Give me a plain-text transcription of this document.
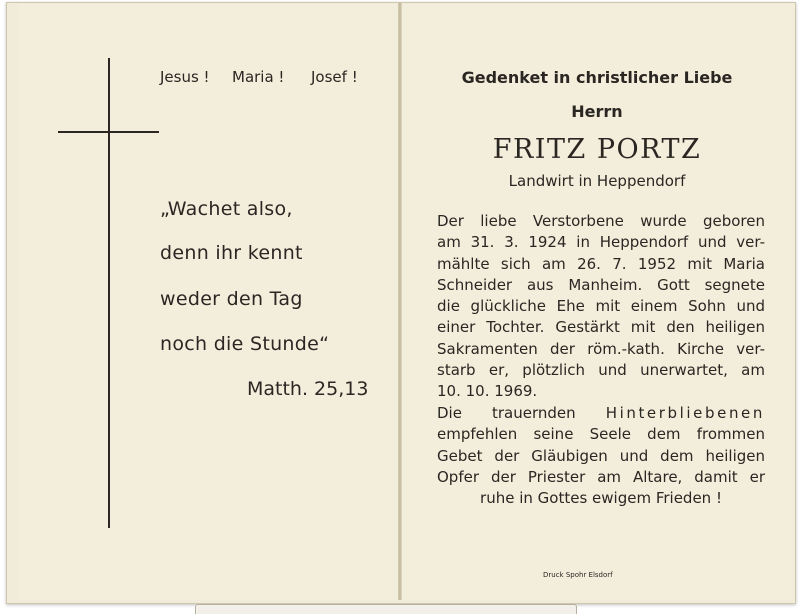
Jesus ! Maria ! Josef !
„Wachet also,
denn ihr kennt
weder den Tag
noch die Stunde“
Matth. 25,13
Gedenket in christlicher Liebe
Herrn
FRITZ PORTZ
Landwirt in Heppendorf
Der liebe Verstorbene wurde geboren
am 31. 3. 1924 in Heppendorf und ver-
mählte sich am 26. 7. 1952 mit Maria
Schneider aus Manheim. Gott segnete
die glückliche Ehe mit einem Sohn und
einer Tochter. Gestärkt mit den heiligen
Sakramenten der röm.-kath. Kirche ver-
starb er, plötzlich und unerwartet, am
10. 10. 1969.
Die trauernden Hinterbliebenen
empfehlen seine Seele dem frommen
Gebet der Gläubigen und dem heiligen
Opfer der Priester am Altare, damit er
ruhe in Gottes ewigem Frieden !
Druck Spohr Elsdorf
